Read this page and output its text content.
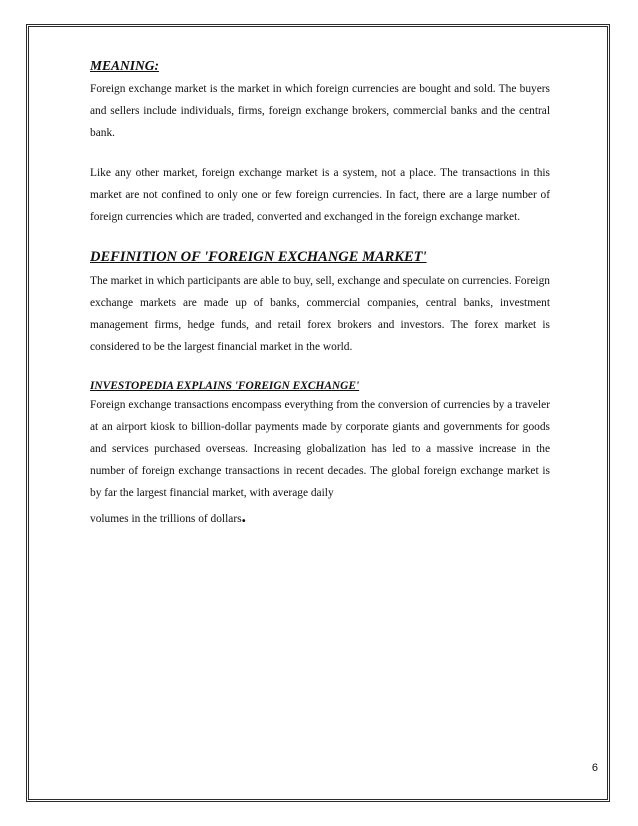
MEANING:

Foreign exchange market is the market in which foreign currencies are bought and sold. The buyers and sellers include individuals, firms, foreign exchange brokers, commercial banks and the central bank.

Like any other market, foreign exchange market is a system, not a place. The transactions in this market are not confined to only one or few foreign currencies. In fact, there are a large number of foreign currencies which are traded, converted and exchanged in the foreign exchange market.

DEFINITION OF 'FOREIGN EXCHANGE MARKET'

The market in which participants are able to buy, sell, exchange and speculate on currencies. Foreign exchange markets are made up of banks, commercial companies, central banks, investment management firms, hedge funds, and retail forex brokers and investors. The forex market is considered to be the largest financial market in the world.

INVESTOPEDIA EXPLAINS 'FOREIGN EXCHANGE'

Foreign exchange transactions encompass everything from the conversion of currencies by a traveler at an airport kiosk to billion-dollar payments made by corporate giants and governments for goods and services purchased overseas. Increasing globalization has led to a massive increase in the number of foreign exchange transactions in recent decades. The global foreign exchange market is by far the largest financial market, with average daily

volumes in the trillions of dollars.

6
